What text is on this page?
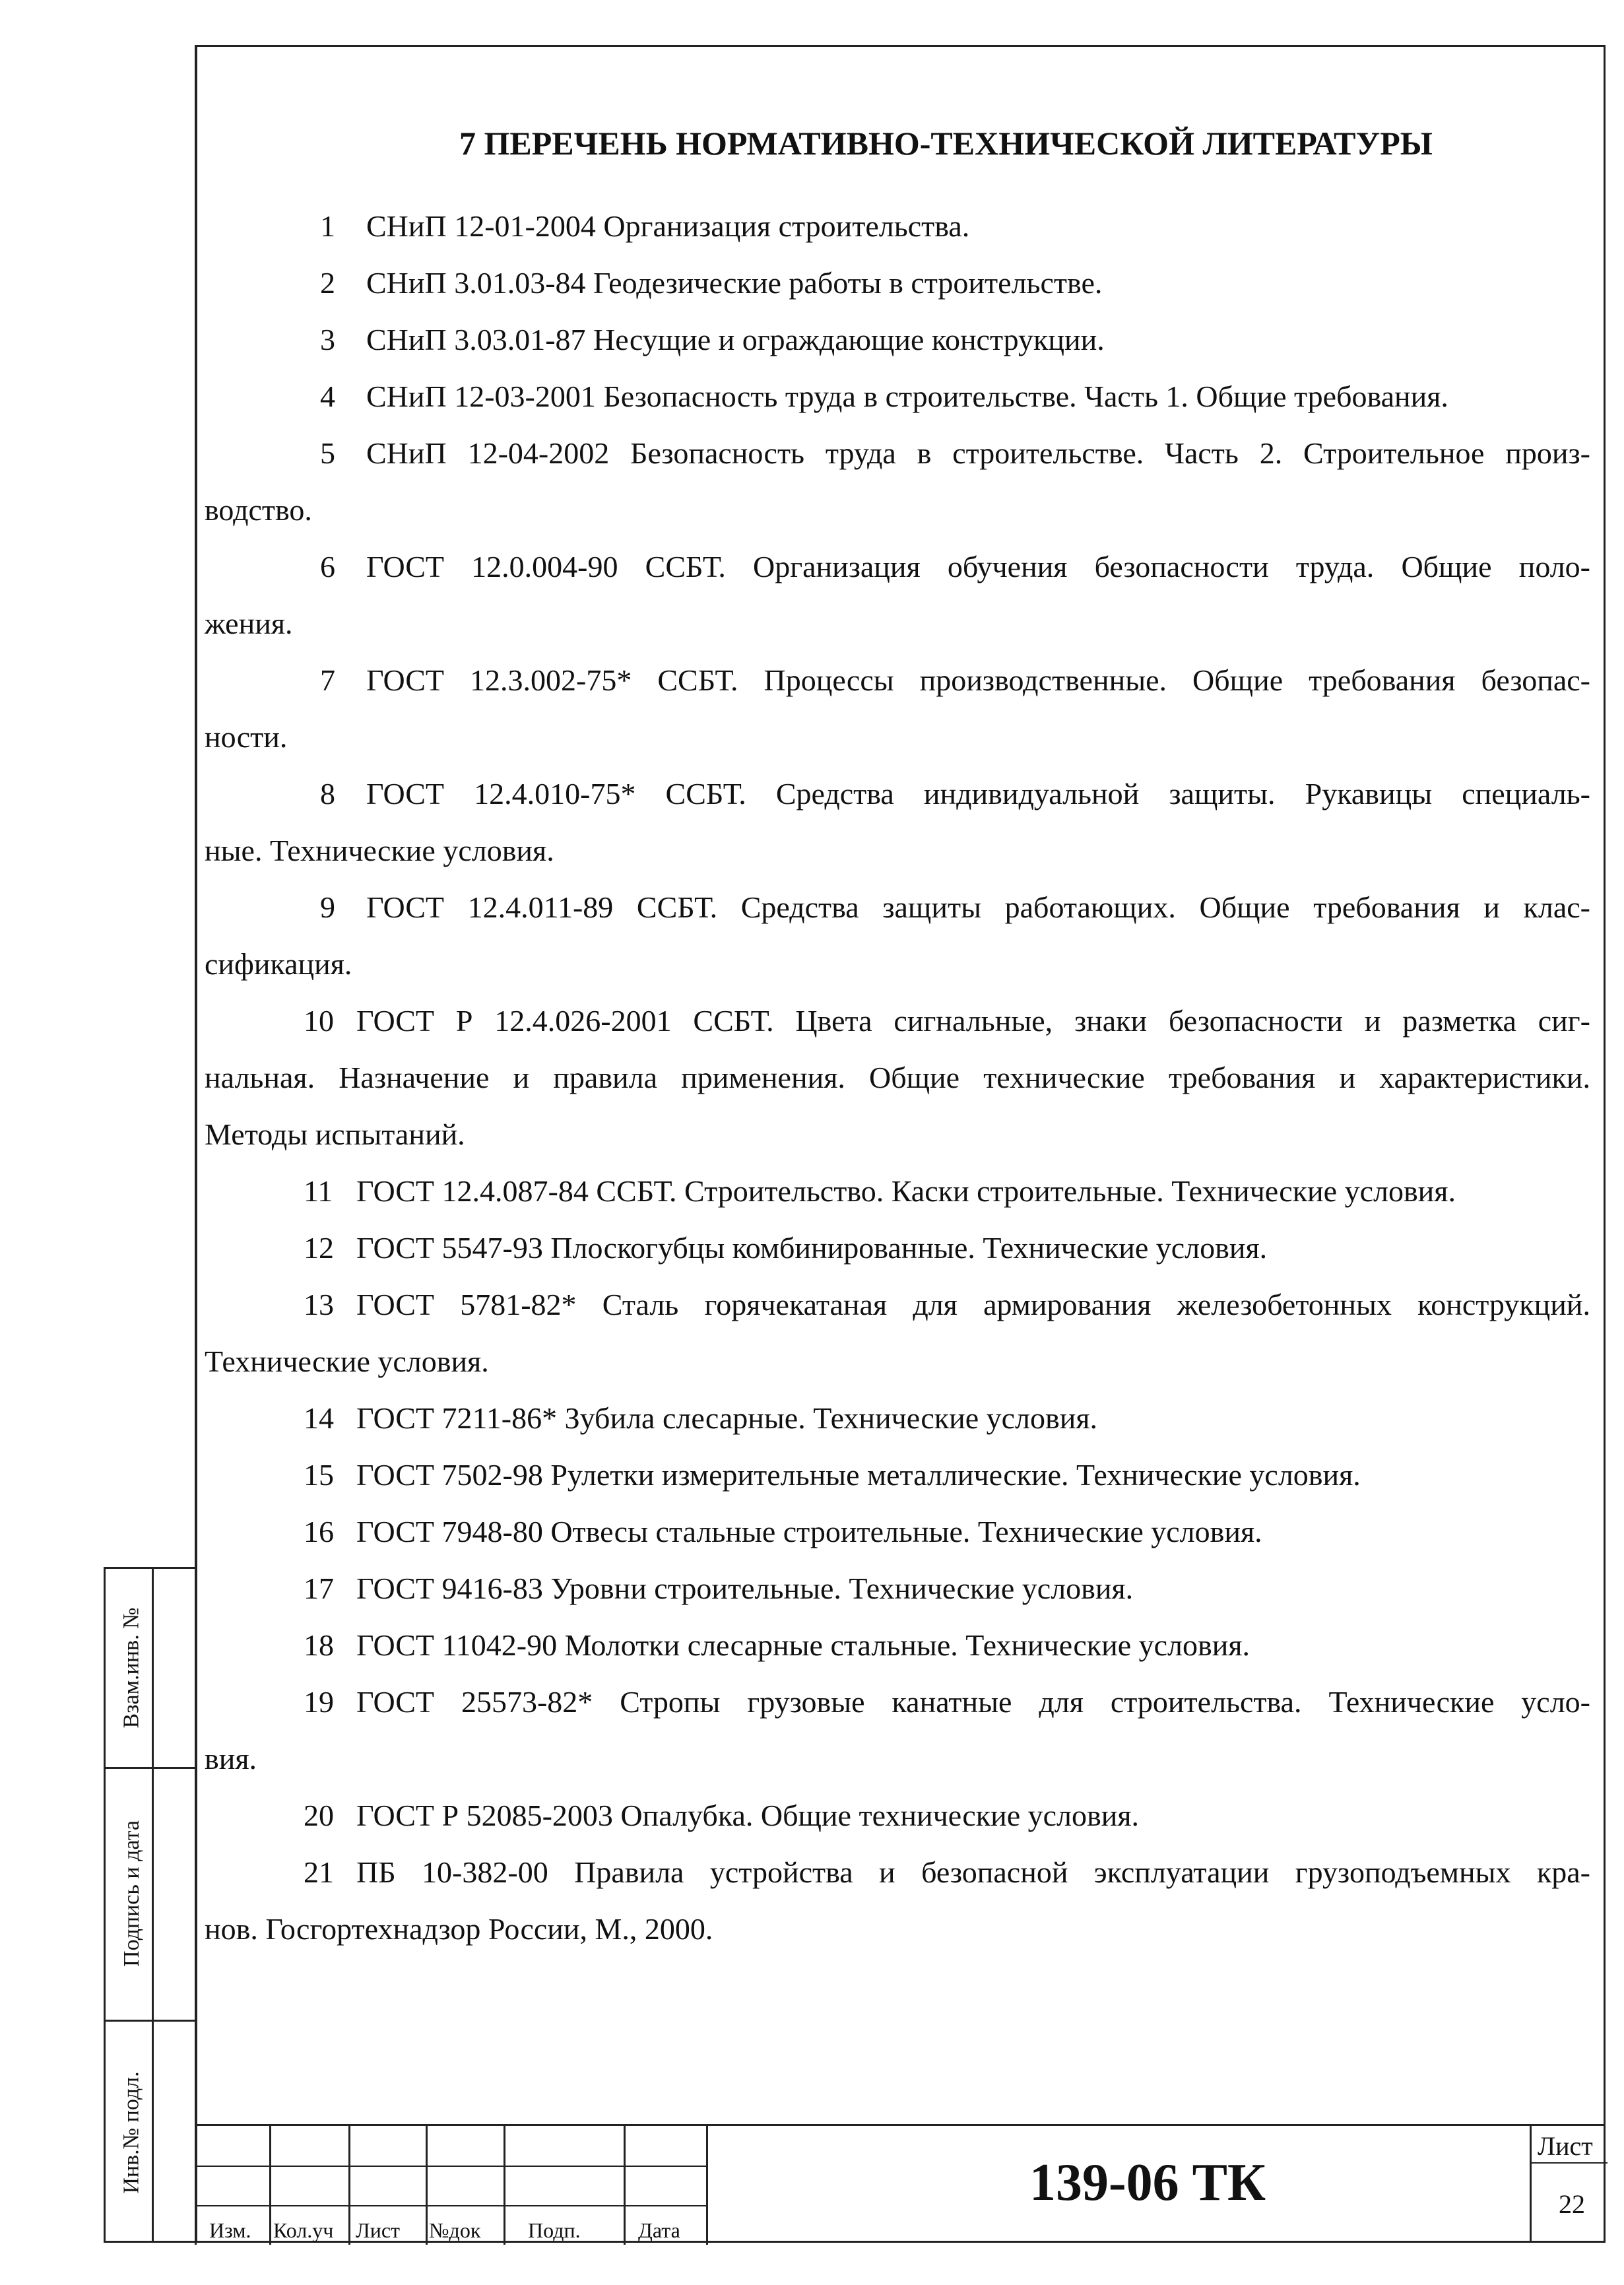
Взам.инв. №
Подпись и дата
Инв.№ подл.
7 ПЕРЕЧЕНЬ НОРМАТИВНО-ТЕХНИЧЕСКОЙ ЛИТЕРАТУРЫ
1 СНиП 12-01-2004 Организация строительства.
2 СНиП 3.01.03-84 Геодезические работы в строительстве.
3 СНиП 3.03.01-87 Несущие и ограждающие конструкции.
4 СНиП 12-03-2001 Безопасность труда в строительстве. Часть 1. Общие требования.
5 СНиП 12-04-2002 Безопасность труда в строительстве. Часть 2. Строительное произ-
водство.
6 ГОСТ 12.0.004-90 ССБТ. Организация обучения безопасности труда. Общие поло-
жения.
7 ГОСТ 12.3.002-75* ССБТ. Процессы производственные. Общие требования безопас-
ности.
8 ГОСТ 12.4.010-75* ССБТ. Средства индивидуальной защиты. Рукавицы специаль-
ные. Технические условия.
9 ГОСТ 12.4.011-89 ССБТ. Средства защиты работающих. Общие требования и клас-
сификация.
10 ГОСТ Р 12.4.026-2001 ССБТ. Цвета сигнальные, знаки безопасности и разметка сиг-
нальная. Назначение и правила применения. Общие технические требования и характеристики.
Методы испытаний.
11 ГОСТ 12.4.087-84 ССБТ. Строительство. Каски строительные. Технические условия.
12 ГОСТ 5547-93 Плоскогубцы комбинированные. Технические условия.
13 ГОСТ 5781-82* Сталь горячекатаная для армирования железобетонных конструкций.
Технические условия.
14 ГОСТ 7211-86* Зубила слесарные. Технические условия.
15 ГОСТ 7502-98 Рулетки измерительные металлические. Технические условия.
16 ГОСТ 7948-80 Отвесы стальные строительные. Технические условия.
17 ГОСТ 9416-83 Уровни строительные. Технические условия.
18 ГОСТ 11042-90 Молотки слесарные стальные. Технические условия.
19 ГОСТ 25573-82* Стропы грузовые канатные для строительства. Технические усло-
вия.
20 ГОСТ Р 52085-2003 Опалубка. Общие технические условия.
21 ПБ 10-382-00 Правила устройства и безопасной эксплуатации грузоподъемных кра-
нов. Госгортехнадзор России, М., 2000.
Изм. Кол.уч Лист №док Подп.	Дата
139-06 ТК
Лист
22
